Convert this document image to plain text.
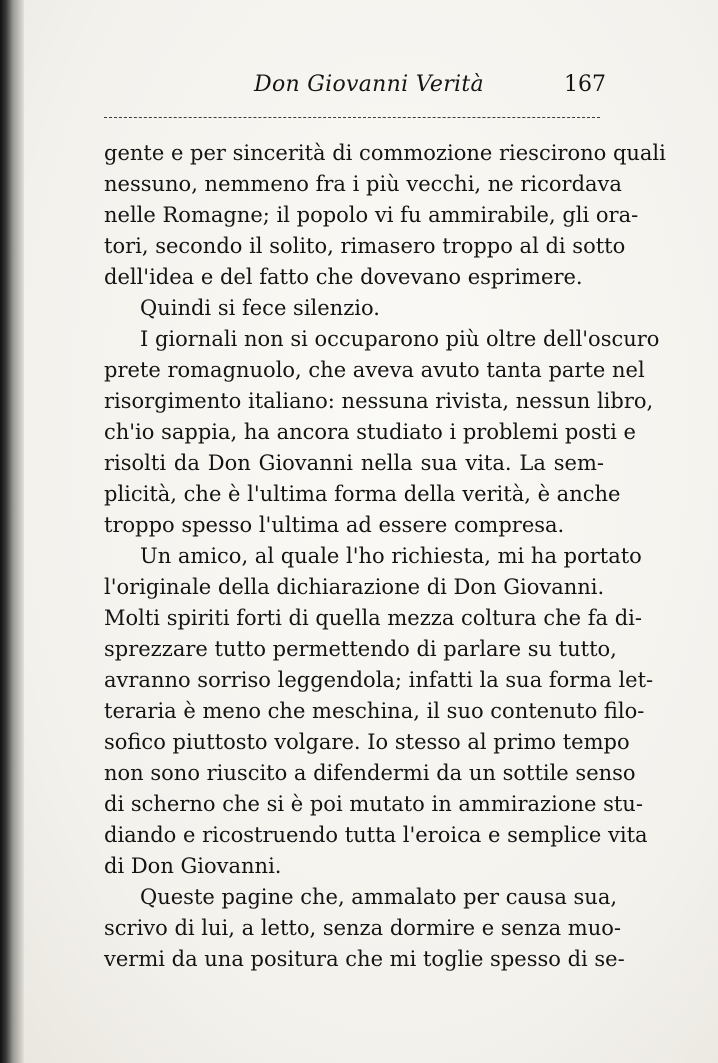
Don Giovanni Verità	167
gente e per sincerità di commozione riescirono quali
nessuno, nemmeno fra i più vecchi, ne ricordava
nelle Romagne; il popolo vi fu ammirabile, gli ora-
tori, secondo il solito, rimasero troppo al di sotto
dell'idea e del fatto che dovevano esprimere.
Quindi si fece silenzio.
I giornali non si occuparono più oltre dell'oscuro
prete romagnuolo, che aveva avuto tanta parte nel
risorgimento italiano: nessuna rivista, nessun libro,
ch'io sappia, ha ancora studiato i problemi posti e
risolti da Don Giovanni nella sua vita. La sem-
plicità, che è l'ultima forma della verità, è anche
troppo spesso l'ultima ad essere compresa.
Un amico, al quale l'ho richiesta, mi ha portato
l'originale della dichiarazione di Don Giovanni.
Molti spiriti forti di quella mezza coltura che fa di-
sprezzare tutto permettendo di parlare su tutto,
avranno sorriso leggendola; infatti la sua forma let-
teraria è meno che meschina, il suo contenuto filo-
sofico piuttosto volgare. Io stesso al primo tempo
non sono riuscito a difendermi da un sottile senso
di scherno che si è poi mutato in ammirazione stu-
diando e ricostruendo tutta l'eroica e semplice vita
di Don Giovanni.
Queste pagine che, ammalato per causa sua,
scrivo di lui, a letto, senza dormire e senza muo-
vermi da una positura che mi toglie spesso di se-
